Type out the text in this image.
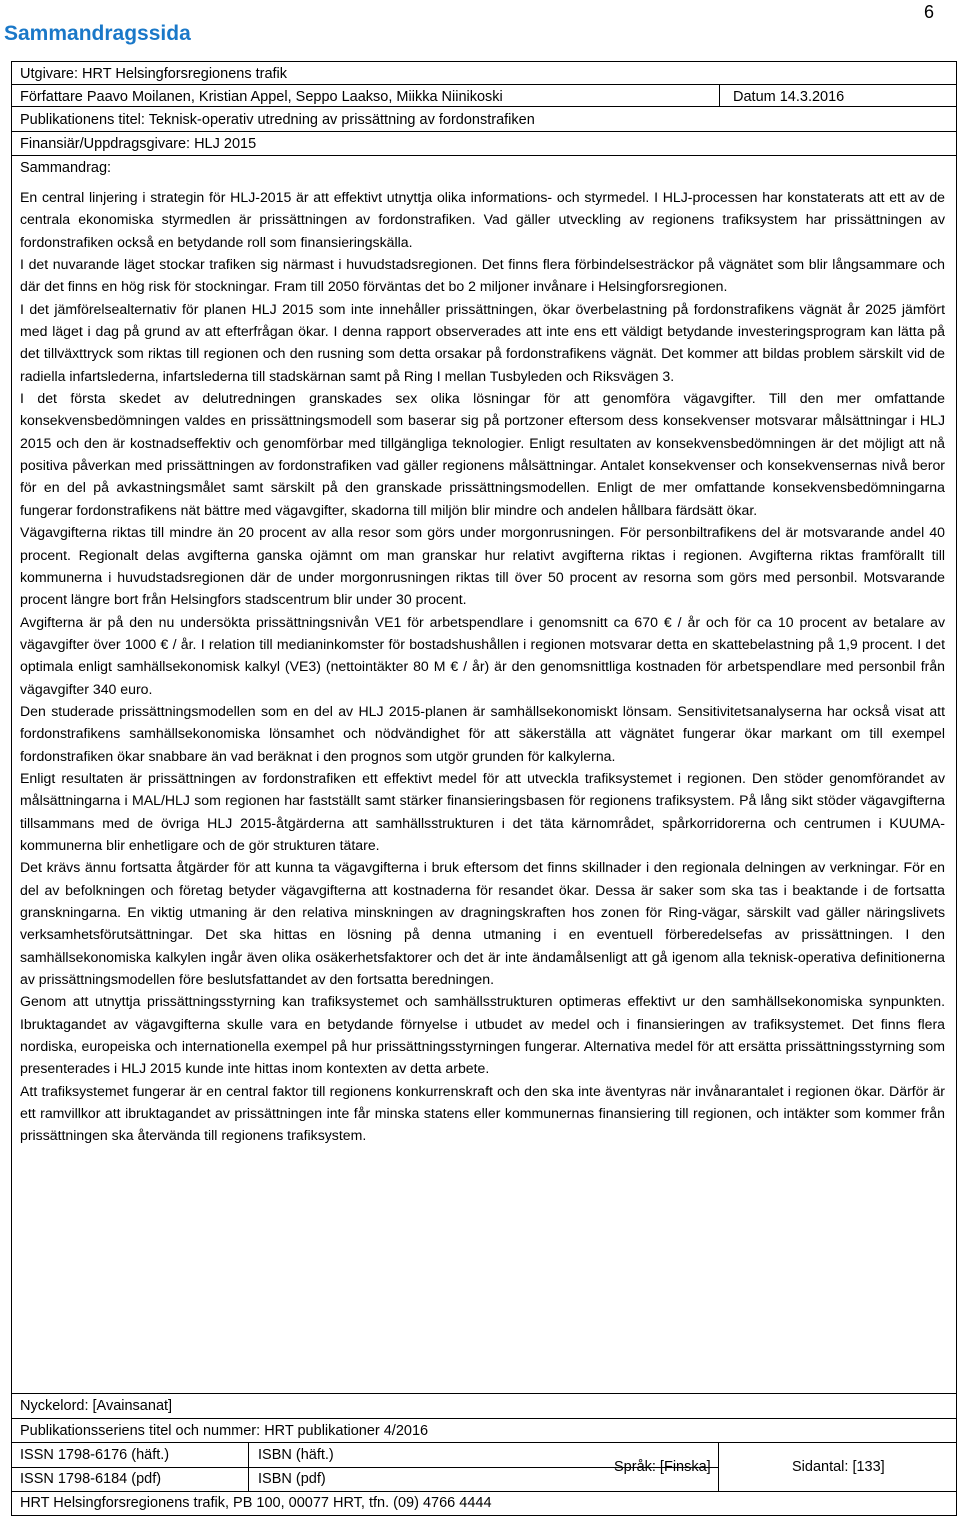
Sammandragssida
6
Utgivare: HRT Helsingforsregionens trafik
Författare Paavo Moilanen, Kristian Appel, Seppo Laakso, Miikka Niinikoski	Datum 14.3.2016
Publikationens titel: Teknisk-operativ utredning av prissättning av fordonstrafiken
Finansiär/Uppdragsgivare: HLJ 2015
Sammandrag:

En central linjering i strategin för HLJ-2015 är att effektivt utnyttja olika informations- och styrmedel. I HLJ-processen har konstaterats att ett av de centrala ekonomiska styrmedlen är prissättningen av fordonstrafiken. Vad gäller utveckling av regionens trafiksystem har prissättningen av fordonstrafiken också en betydande roll som finansieringskälla.

I det nuvarande läget stockar trafiken sig närmast i huvudstadsregionen. Det finns flera förbindelsesträckor på vägnätet som blir långsammare och där det finns en hög risk för stockningar. Fram till 2050 förväntas det bo 2 miljoner invånare i Helsingforsregionen.

I det jämförelsealternativ för planen HLJ 2015 som inte innehåller prissättningen, ökar överbelastning på fordonstrafikens vägnät år 2025 jämfört med läget i dag på grund av att efterfrågan ökar. I denna rapport observerades att inte ens ett väldigt betydande investeringsprogram kan lätta på det tillväxttryck som riktas till regionen och den rusning som detta orsakar på fordonstrafikens vägnät. Det kommer att bildas problem särskilt vid de radiella infartslederna, infartslederna till stadskärnan samt på Ring I mellan Tusbyleden och Riksvägen 3.

I det första skedet av delutredningen granskades sex olika lösningar för att genomföra vägavgifter. Till den mer omfattande konsekvensbedömningen valdes en prissättningsmodell som baserar sig på portzoner eftersom dess konsekvenser motsvarar målsättningar i HLJ 2015 och den är kostnadseffektiv och genomförbar med tillgängliga teknologier. Enligt resultaten av konsekvensbedömningen är det möjligt att nå positiva påverkan med prissättningen av fordonstrafiken vad gäller regionens målsättningar. Antalet konsekvenser och konsekvensernas nivå beror för en del på avkastningsmålet samt särskilt på den granskade prissättningsmodellen. Enligt de mer omfattande konsekvensbedömningarna fungerar fordonstrafikens nät bättre med vägavgifter, skadorna till miljön blir mindre och andelen hållbara färdsätt ökar.

Vägavgifterna riktas till mindre än 20 procent av alla resor som görs under morgonrusningen. För personbiltrafikens del är motsvarande andel 40 procent. Regionalt delas avgifterna ganska ojämnt om man granskar hur relativt avgifterna riktas i regionen. Avgifterna riktas framförallt till kommunerna i huvudstadsregionen där de under morgonrusningen riktas till över 50 procent av resorna som görs med personbil. Motsvarande procent längre bort från Helsingfors stadscentrum blir under 30 procent.

Avgifterna är på den nu undersökta prissättningsnivån VE1 för arbetspendlare i genomsnitt ca 670 € / år och för ca 10 procent av betalare av vägavgifter över 1000 € / år. I relation till medianinkomster för bostadshushållen i regionen motsvarar detta en skattebelastning på 1,9 procent. I det optimala enligt samhällsekonomisk kalkyl (VE3) (nettointäkter 80 M € / år) är den genomsnittliga kostnaden för arbetspendlare med personbil från vägavgifter 340 euro.

Den studerade prissättningsmodellen som en del av HLJ 2015-planen är samhällsekonomiskt lönsam. Sensitivitetsanalyserna har också visat att fordonstrafikens samhällsekonomiska lönsamhet och nödvändighet för att säkerställa att vägnätet fungerar ökar markant om till exempel fordonstrafiken ökar snabbare än vad beräknat i den prognos som utgör grunden för kalkylerna.

Enligt resultaten är prissättningen av fordonstrafiken ett effektivt medel för att utveckla trafiksystemet i regionen. Den stöder genomförandet av målsättningarna i MAL/HLJ som regionen har fastställt samt stärker finansieringsbasen för regionens trafiksystem. På lång sikt stöder vägavgifterna tillsammans med de övriga HLJ 2015-åtgärderna att samhällsstrukturen i det täta kärnområdet, spårkorridorerna och centrumen i KUUMA-kommunerna blir enhetligare och de gör strukturen tätare.

Det krävs ännu fortsatta åtgärder för att kunna ta vägavgifterna i bruk eftersom det finns skillnader i den regionala delningen av verkningar. För en del av befolkningen och företag betyder vägavgifterna att kostnaderna för resandet ökar. Dessa är saker som ska tas i beaktande i de fortsatta granskningarna. En viktig utmaning är den relativa minskningen av dragningskraften hos zonen för Ring-vägar, särskilt vad gäller näringslivets verksamhetsförutsättningar. Det ska hittas en lösning på denna utmaning i en eventuell förberedelsefas av prissättningen. I den samhällsekonomiska kalkylen ingår även olika osäkerhetsfaktorer och det är inte ändamålsenligt att gå igenom alla teknisk-operativa definitionerna av prissättningsmodellen före beslutsfattandet av den fortsatta beredningen.

Genom att utnyttja prissättningsstyrning kan trafiksystemet och samhällsstrukturen optimeras effektivt ur den samhällsekonomiska synpunkten. Ibruktagandet av vägavgifterna skulle vara en betydande förnyelse i utbudet av medel och i finansieringen av trafiksystemet. Det finns flera nordiska, europeiska och internationella exempel på hur prissättningsstyrningen fungerar. Alternativa medel för att ersätta prissättningsstyrning som presenterades i HLJ 2015 kunde inte hittas inom kontexten av detta arbete.

Att trafiksystemet fungerar är en central faktor till regionens konkurrenskraft och den ska inte äventyras när invånarantalet i regionen ökar. Därför är ett ramvillkor att ibruktagandet av prissättningen inte får minska statens eller kommunernas finansiering till regionen, och intäkter som kommer från prissättningen ska återvända till regionens trafiksystem.

Nyckelord: [Avainsanat]
Publikationsseriens titel och nummer: HRT publikationer 4/2016
ISSN 1798-6176 (häft.)	ISBN (häft.)
ISSN 1798-6184 (pdf)	ISBN (pdf)
Språk: [Finska]	Sidantal: [133]
HRT Helsingforsregionens trafik, PB 100, 00077 HRT, tfn. (09) 4766 4444
